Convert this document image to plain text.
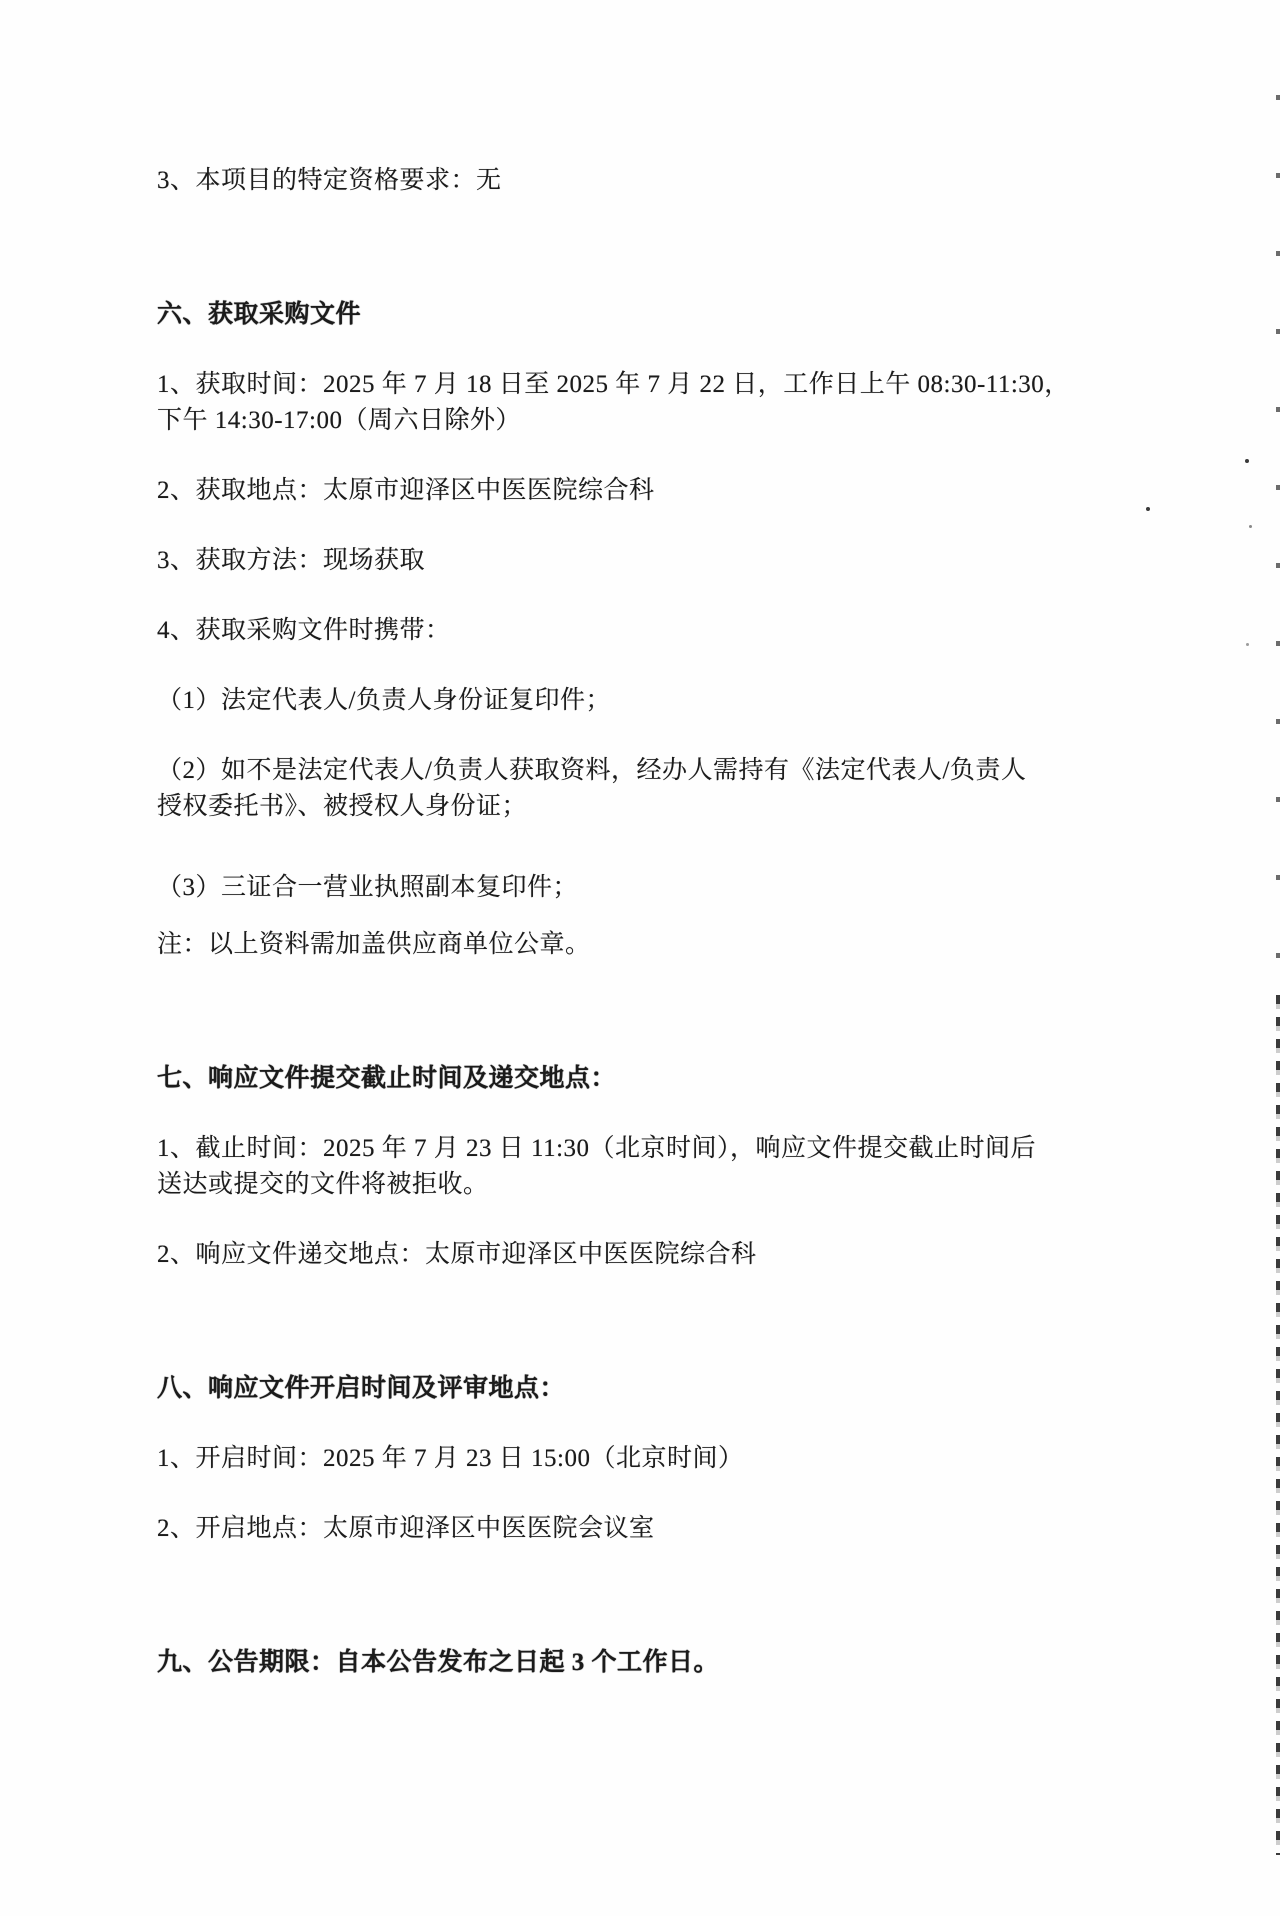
3、本项目的特定资格要求：无

六、获取采购文件

1、获取时间：2025 年 7 月 18 日至 2025 年 7 月 22 日，工作日上午 08:30-11:30，

下午 14:30-17:00（周六日除外）

2、获取地点：太原市迎泽区中医医院综合科

3、获取方法：现场获取

4、获取采购文件时携带：

（1）法定代表人/负责人身份证复印件；

（2）如不是法定代表人/负责人获取资料，经办人需持有《法定代表人/负责人

授权委托书》、被授权人身份证；

（3）三证合一营业执照副本复印件；

注：以上资料需加盖供应商单位公章。

七、响应文件提交截止时间及递交地点：

1、截止时间：2025 年 7 月 23 日 11:30（北京时间），响应文件提交截止时间后

送达或提交的文件将被拒收。

2、响应文件递交地点：太原市迎泽区中医医院综合科

八、响应文件开启时间及评审地点：

1、开启时间：2025 年 7 月 23 日 15:00（北京时间）

2、开启地点：太原市迎泽区中医医院会议室

九、公告期限：自本公告发布之日起 3 个工作日。
